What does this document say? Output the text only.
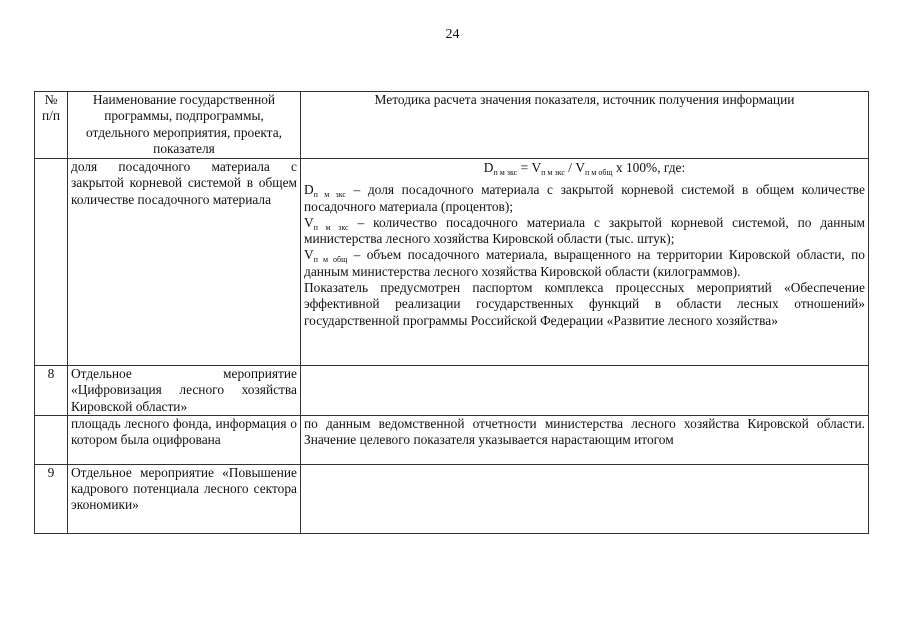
24
№ п/п	Наименование государственной программы, подпрограммы, отдельного мероприятия, проекта, показателя	Методика расчета значения показателя, источник получения информации
	доля посадочного материала с закрытой корневой системой в общем количестве посадочного материала	$D_{п м зкс} = V_{п м зкс} / V_{п м общ}$ x 100%, где:

$D_{п м зкс}$ – доля посадочного материала с закрытой корневой системой в общем количестве посадочного материала (процентов);

$V_{п м зкс}$ – количество посадочного материала с закрытой корневой системой, по данным министерства лесного хозяйства Кировской области (тыс. штук);

$V_{п м общ}$ – объем посадочного материала, выращенного на территории Кировской области, по данным министерства лесного хозяйства Кировской области (килограммов).

Показатель предусмотрен паспортом комплекса процессных мероприятий «Обеспечение эффективной реализации государственных функций в области лесных отношений» государственной программы Российской Федерации «Развитие лесного хозяйства»

8	Отдельное мероприятие «Цифровизация лесного хозяйства Кировской области»	
	площадь лесного фонда, информация о котором была оцифрована	по данным ведомственной отчетности министерства лесного хозяйства Кировской области. Значение целевого показателя указывается нарастающим итогом
9	Отдельное мероприятие «Повышение кадрового потенциала лесного сектора экономики»	
